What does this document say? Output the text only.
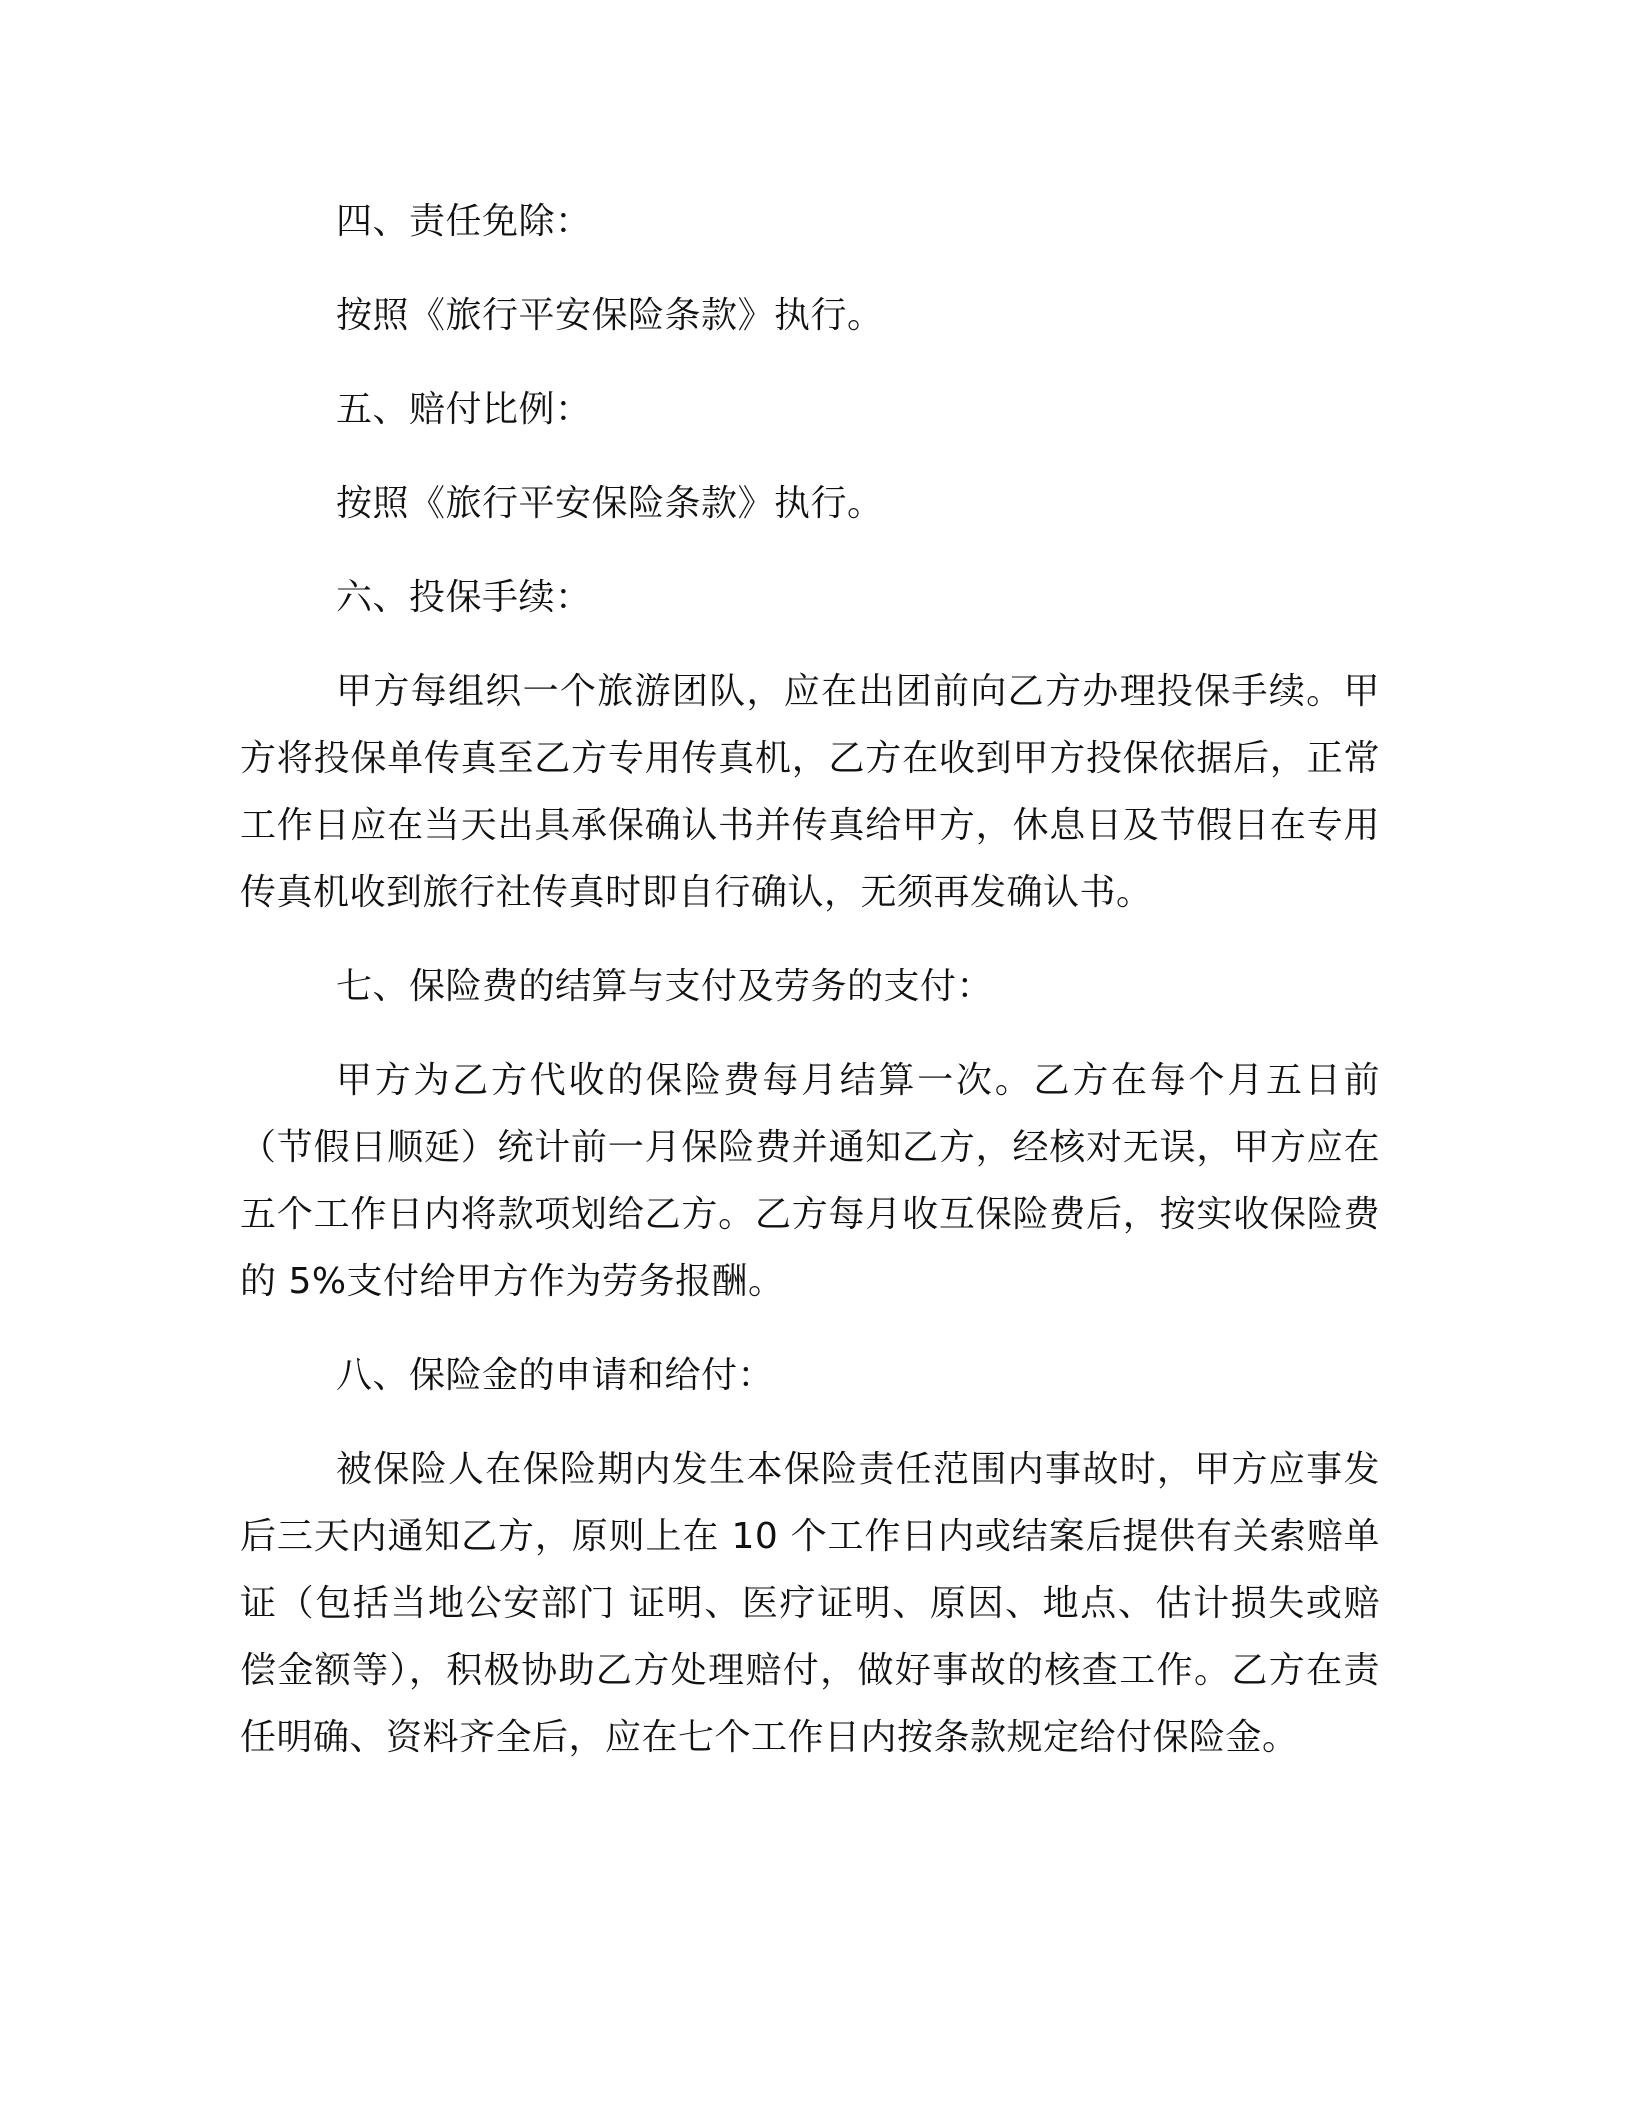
四、责任免除：

按照《旅行平安保险条款》执行。

五、赔付比例：

按照《旅行平安保险条款》执行。

六、投保手续：

甲方每组织一个旅游团队，应在出团前向乙方办理投保手续。甲方将投保单传真至乙方专用传真机，乙方在收到甲方投保依据后，正常工作日应在当天出具承保确认书并传真给甲方，休息日及节假日在专用传真机收到旅行社传真时即自行确认，无须再发确认书。

七、保险费的结算与支付及劳务的支付：

甲方为乙方代收的保险费每月结算一次。乙方在每个月五日前（节假日顺延）统计前一月保险费并通知乙方，经核对无误，甲方应在五个工作日内将款项划给乙方。乙方每月收互保险费后，按实收保险费的 5%支付给甲方作为劳务报酬。

八、保险金的申请和给付：

被保险人在保险期内发生本保险责任范围内事故时，甲方应事发后三天内通知乙方，原则上在 10 个工作日内或结案后提供有关索赔单证（包括当地公安部门 证明、医疗证明、原因、地点、估计损失或赔偿金额等），积极协助乙方处理赔付，做好事故的核查工作。乙方在责任明确、资料齐全后，应在七个工作日内按条款规定给付保险金。
